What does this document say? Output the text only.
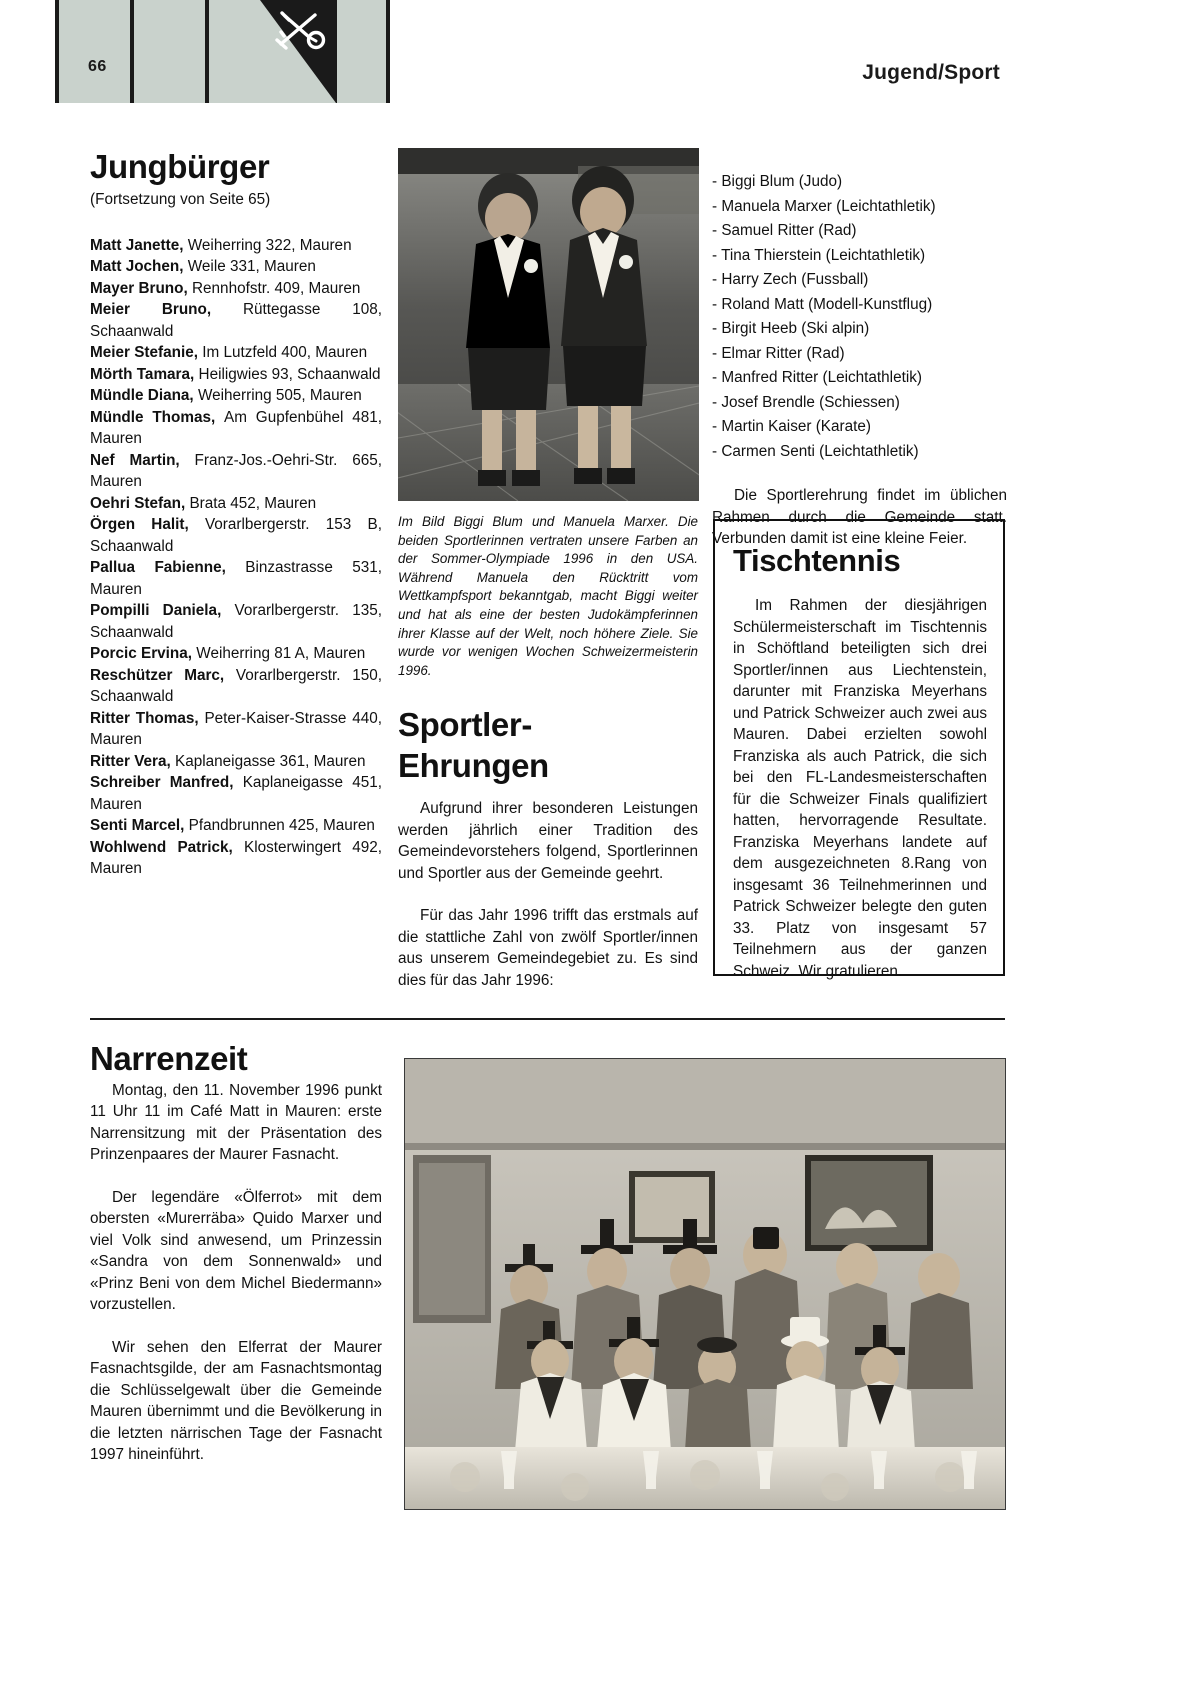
66	Jugend/Sport
Jungbürger

(Fortsetzung von Seite 65)

Matt Janette, Weiherring 322, Mauren

Matt Jochen, Weile 331, Mauren

Mayer Bruno, Rennhofstr. 409, Mauren

Meier Bruno, Rüttegasse 108, Schaanwald

Meier Stefanie, Im Lutzfeld 400, Mauren

Mörth Tamara, Heiligwies 93, Schaanwald

Mündle Diana, Weiherring 505, Mauren

Mündle Thomas, Am Gupfenbühel 481, Mauren

Nef Martin, Franz-Jos.-Oehri-Str. 665, Mauren

Oehri Stefan, Brata 452, Mauren

Örgen Halit, Vorarlbergerstr. 153 B, Schaanwald

Pallua Fabienne, Binzastrasse 531, Mauren

Pompilli Daniela, Vorarlbergerstr. 135, Schaanwald

Porcic Ervina, Weiherring 81 A, Mauren

Reschützer Marc, Vorarlbergerstr. 150, Schaanwald

Ritter Thomas, Peter-Kaiser-Strasse 440, Mauren

Ritter Vera, Kaplaneigasse 361, Mauren

Schreiber Manfred, Kaplaneigasse 451, Mauren

Senti Marcel, Pfandbrunnen 425, Mauren

Wohlwend Patrick, Klosterwingert 492, Mauren

Im Bild Biggi Blum und Manuela Marxer. Die beiden Sportlerinnen vertraten unsere Farben an der Sommer-Olympiade 1996 in den USA. Während Manuela den Rücktritt vom Wettkampfsport bekanntgab, macht Biggi weiter und hat als eine der besten Judokämpferinnen ihrer Klasse auf der Welt, noch höhere Ziele. Sie wurde vor wenigen Wochen Schweizermeisterin 1996.

Sportler-
Ehrungen

Aufgrund ihrer besonderen Leistungen werden jährlich einer Tradition des Gemeindevorstehers folgend, Sportlerinnen und Sportler aus der Gemeinde geehrt.

Für das Jahr 1996 trifft das erstmals auf die stattliche Zahl von zwölf Sportler/innen aus unserem Gemeindegebiet zu. Es sind dies für das Jahr 1996:

- Biggi Blum (Judo)
- Manuela Marxer (Leichtathletik)
- Samuel Ritter (Rad)
- Tina Thierstein (Leichtathletik)
- Harry Zech (Fussball)
- Roland Matt (Modell-Kunstflug)
- Birgit Heeb (Ski alpin)
- Elmar Ritter (Rad)
- Manfred Ritter (Leichtathletik)
- Josef Brendle (Schiessen)
- Martin Kaiser (Karate)
- Carmen Senti (Leichtathletik)

Die Sportlerehrung findet im üblichen Rahmen durch die Gemeinde statt. Verbunden damit ist eine kleine Feier.

Tischtennis

Im Rahmen der diesjährigen Schülermeisterschaft im Tischtennis in Schöftland beteiligten sich drei Sportler/innen aus Liechtenstein, darunter mit Franziska Meyerhans und Patrick Schweizer auch zwei aus Mauren. Dabei erzielten sowohl Franziska als auch Patrick, die sich bei den FL-Landesmeisterschaften für die Schweizer Finals qualifiziert hatten, hervorragende Resultate. Franziska Meyerhans landete auf dem ausgezeichneten 8.Rang von insgesamt 36 Teilnehmerinnen und Patrick Schweizer belegte den guten 33. Platz von insgesamt 57 Teilnehmern aus der ganzen Schweiz. Wir gratulieren.

Narrenzeit

Montag, den 11. November 1996 punkt 11 Uhr 11 im Café Matt in Mauren: erste Narrensitzung mit der Präsentation des Prinzenpaares der Maurer Fasnacht.

Der legendäre «Ölferrot» mit dem obersten «Murerräba» Quido Marxer und viel Volk sind anwesend, um Prinzessin «Sandra von dem Sonnenwald» und «Prinz Beni von dem Michel Biedermann» vorzustellen.

Wir sehen den Elferrat der Maurer Fasnachtsgilde, der am Fasnachtsmontag die Schlüsselgewalt über die Gemeinde Mauren übernimmt und die Bevölkerung in die letzten närrischen Tage der Fasnacht 1997 hineinführt.
